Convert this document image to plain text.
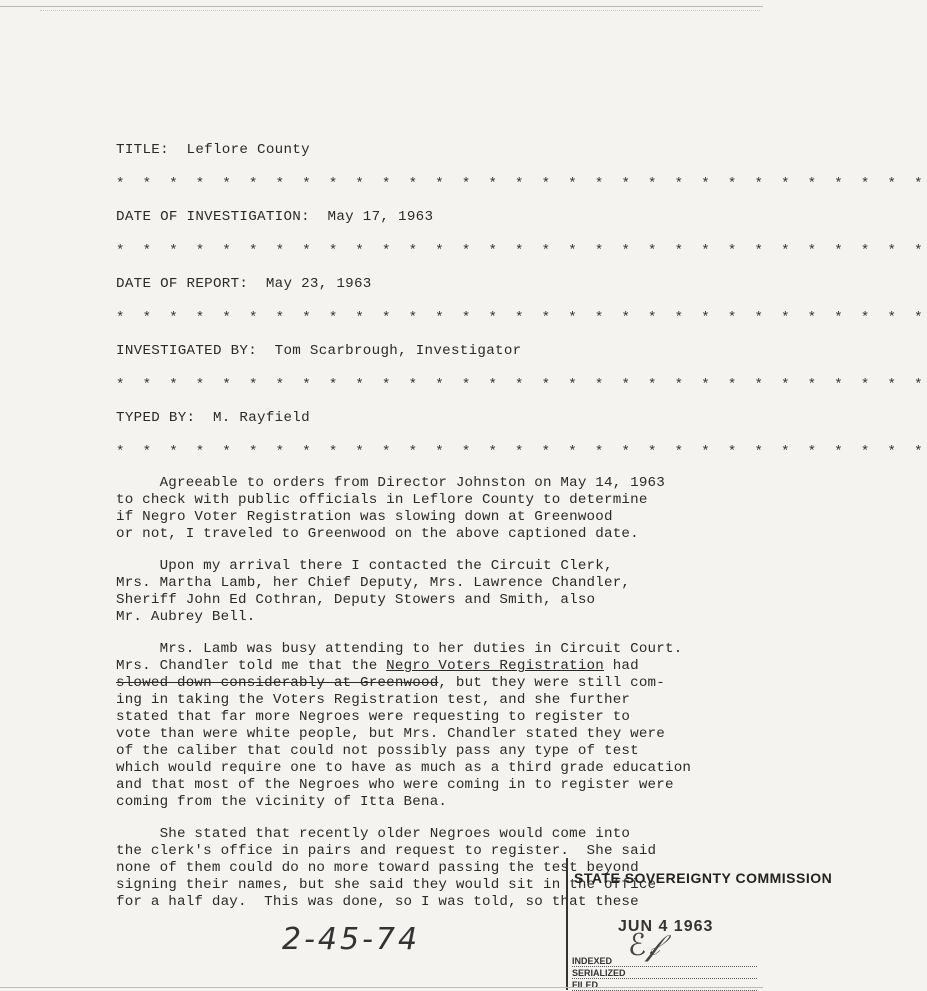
TITLE: Leflore County
* * * * * * * * * * * * * * * * * * * * * * * * * * * * * * *
DATE OF INVESTIGATION: May 17, 1963
* * * * * * * * * * * * * * * * * * * * * * * * * * * * * * *
DATE OF REPORT: May 23, 1963
* * * * * * * * * * * * * * * * * * * * * * * * * * * * * * *
INVESTIGATED BY: Tom Scarbrough, Investigator
* * * * * * * * * * * * * * * * * * * * * * * * * * * * * * *
TYPED BY: M. Rayfield
* * * * * * * * * * * * * * * * * * * * * * * * * * * * * * *
Agreeable to orders from Director Johnston on May 14, 1963
to check with public officials in Leflore County to determine
if Negro Voter Registration was slowing down at Greenwood
or not, I traveled to Greenwood on the above captioned date.
Upon my arrival there I contacted the Circuit Clerk,
Mrs. Martha Lamb, her Chief Deputy, Mrs. Lawrence Chandler,
Sheriff John Ed Cothran, Deputy Stowers and Smith, also
Mr. Aubrey Bell.
Mrs. Lamb was busy attending to her duties in Circuit Court.
Mrs. Chandler told me that the Negro Voters Registration had
slowed down considerably at Greenwood, but they were still com-
ing in taking the Voters Registration test, and she further
stated that far more Negroes were requesting to register to
vote than were white people, but Mrs. Chandler stated they were
of the caliber that could not possibly pass any type of test
which would require one to have as much as a third grade education
and that most of the Negroes who were coming in to register were
coming from the vicinity of Itta Bena.
She stated that recently older Negroes would come into
the clerk's office in pairs and request to register.  She said
none of them could do no more toward passing the test beyond
signing their names, but she said they would sit in the office
for a half day.  This was done, so I was told, so that these
2-45-74
STATE SOVEREIGNTY COMMISSION
JUN 4 1963
ℰ𝒻
INDEXED
SERIALIZED
FILED
